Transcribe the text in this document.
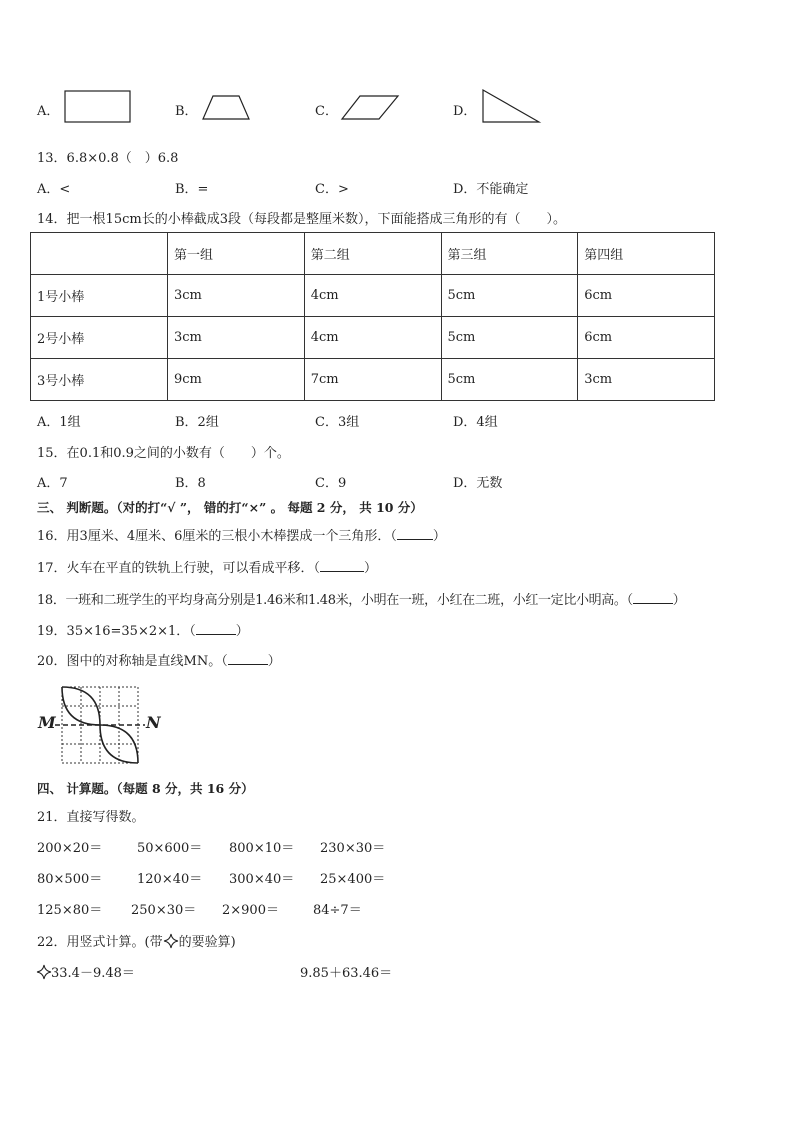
A．	B．	C．	D．
13．6.8×0.8（　）6.8
A．<	B．=	C．>	D．不能确定
14．把一根15cm长的小棒截成3段（每段都是整厘米数），下面能搭成三角形的有（　　）。
	第一组	第二组	第三组	第四组
1号小棒	3cm	4cm	5cm	6cm
2号小棒	3cm	4cm	5cm	6cm
3号小棒	9cm	7cm	5cm	3cm
A．1组	B．2组	C．3组	D．4组
15．在0.1和0.9之间的小数有（　　）个。
A．7	B．8	C．9	D．无数
三、 判断题。（对的打“√ ”， 错的打“×” 。 每题 2 分， 共 10 分）
16．用3厘米、4厘米、6厘米的三根小木棒摆成一个三角形．（	）
17．火车在平直的铁轨上行驶，可以看成平移．（	）
18．一班和二班学生的平均身高分别是1.46米和1.48米，小明在一班，小红在二班，小红一定比小明高。（	）
19．35×16=35×2×1．（	）
20．图中的对称轴是直线MN。（	）
M	N
四、 计算题。（每题 8 分，共 16 分）
21．直接写得数。
200×20＝	50×600＝ 800×10＝ 230×30＝
80×500＝	120×40＝ 300×40＝ 25×400＝
125×80＝ 250×30＝ 2×900＝	84÷7＝
22．用竖式计算。(带 的要验算)
33.4－9.48＝	9.85＋63.46＝
